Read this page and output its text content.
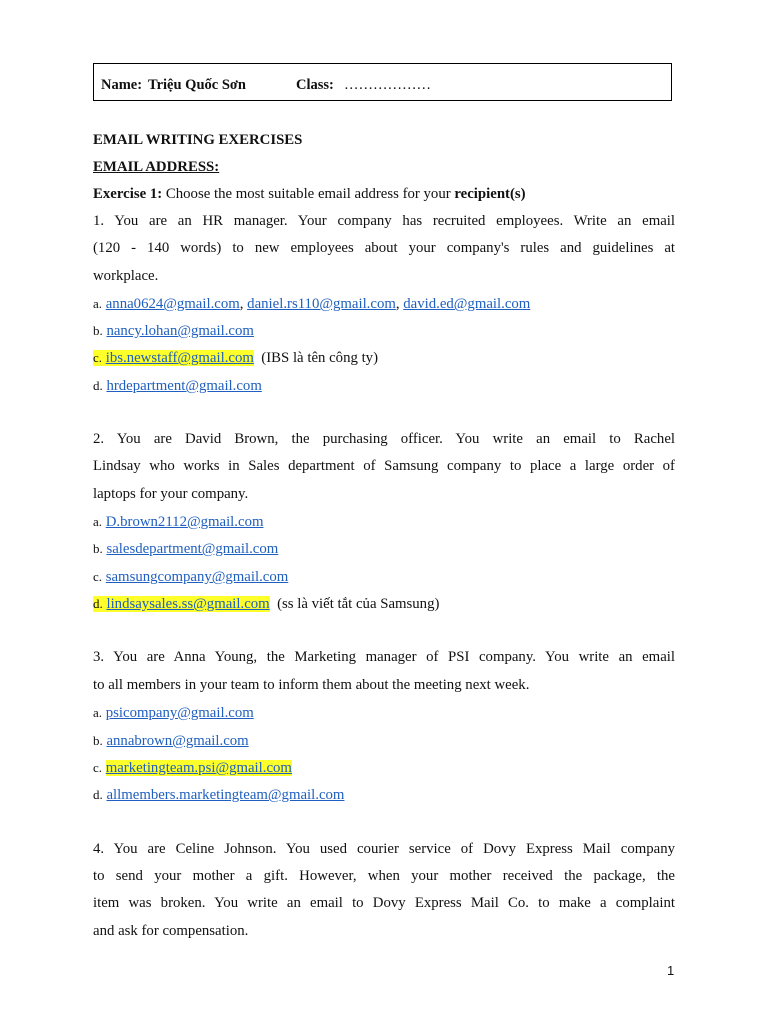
Name: Triệu Quốc Sơn	Class: ………………
EMAIL WRITING EXERCISES
EMAIL ADDRESS:
Exercise 1: Choose the most suitable email address for your recipient(s)
1. You are an HR manager. Your company has recruited employees. Write an email
(120 - 140 words) to new employees about your company's rules and guidelines at
workplace.
a. anna0624@gmail.com, daniel.rs110@gmail.com, david.ed@gmail.com
b. nancy.lohan@gmail.com
c. ibs.newstaff@gmail.com (IBS là tên công ty)
d. hrdepartment@gmail.com
2. You are David Brown, the purchasing officer. You write an email to Rachel
Lindsay who works in Sales department of Samsung company to place a large order of
laptops for your company.
a. D.brown2112@gmail.com
b. salesdepartment@gmail.com
c. samsungcompany@gmail.com
d. lindsaysales.ss@gmail.com (ss là viết tắt của Samsung)
3. You are Anna Young, the Marketing manager of PSI company. You write an email
to all members in your team to inform them about the meeting next week.
a. psicompany@gmail.com
b. annabrown@gmail.com
c. marketingteam.psi@gmail.com
d. allmembers.marketingteam@gmail.com
4. You are Celine Johnson. You used courier service of Dovy Express Mail company
to send your mother a gift. However, when your mother received the package, the
item was broken. You write an email to Dovy Express Mail Co. to make a complaint
and ask for compensation.
1
